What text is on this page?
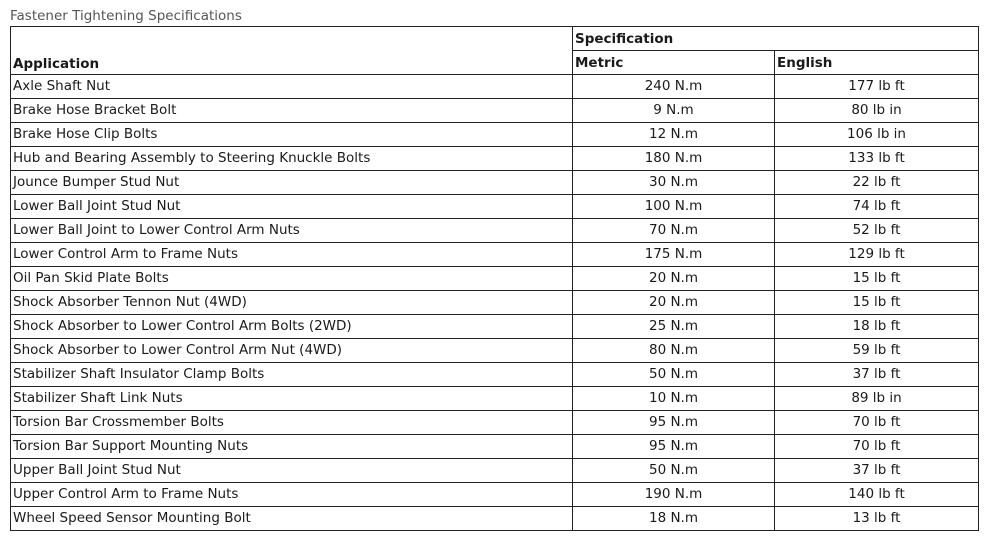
Fastener Tightening Specifications
Application	Specification	
	Metric	English
Axle Shaft Nut	240 N.m	177 lb ft
Brake Hose Bracket Bolt	9 N.m	80 lb in
Brake Hose Clip Bolts	12 N.m	106 lb in
Hub and Bearing Assembly to Steering Knuckle Bolts	180 N.m	133 lb ft
Jounce Bumper Stud Nut	30 N.m	22 lb ft
Lower Ball Joint Stud Nut	100 N.m	74 lb ft
Lower Ball Joint to Lower Control Arm Nuts	70 N.m	52 lb ft
Lower Control Arm to Frame Nuts	175 N.m	129 lb ft
Oil Pan Skid Plate Bolts	20 N.m	15 lb ft
Shock Absorber Tennon Nut (4WD)	20 N.m	15 lb ft
Shock Absorber to Lower Control Arm Bolts (2WD)	25 N.m	18 lb ft
Shock Absorber to Lower Control Arm Nut (4WD)	80 N.m	59 lb ft
Stabilizer Shaft Insulator Clamp Bolts	50 N.m	37 lb ft
Stabilizer Shaft Link Nuts	10 N.m	89 lb in
Torsion Bar Crossmember Bolts	95 N.m	70 lb ft
Torsion Bar Support Mounting Nuts	95 N.m	70 lb ft
Upper Ball Joint Stud Nut	50 N.m	37 lb ft
Upper Control Arm to Frame Nuts	190 N.m	140 lb ft
Wheel Speed Sensor Mounting Bolt	18 N.m	13 lb ft
